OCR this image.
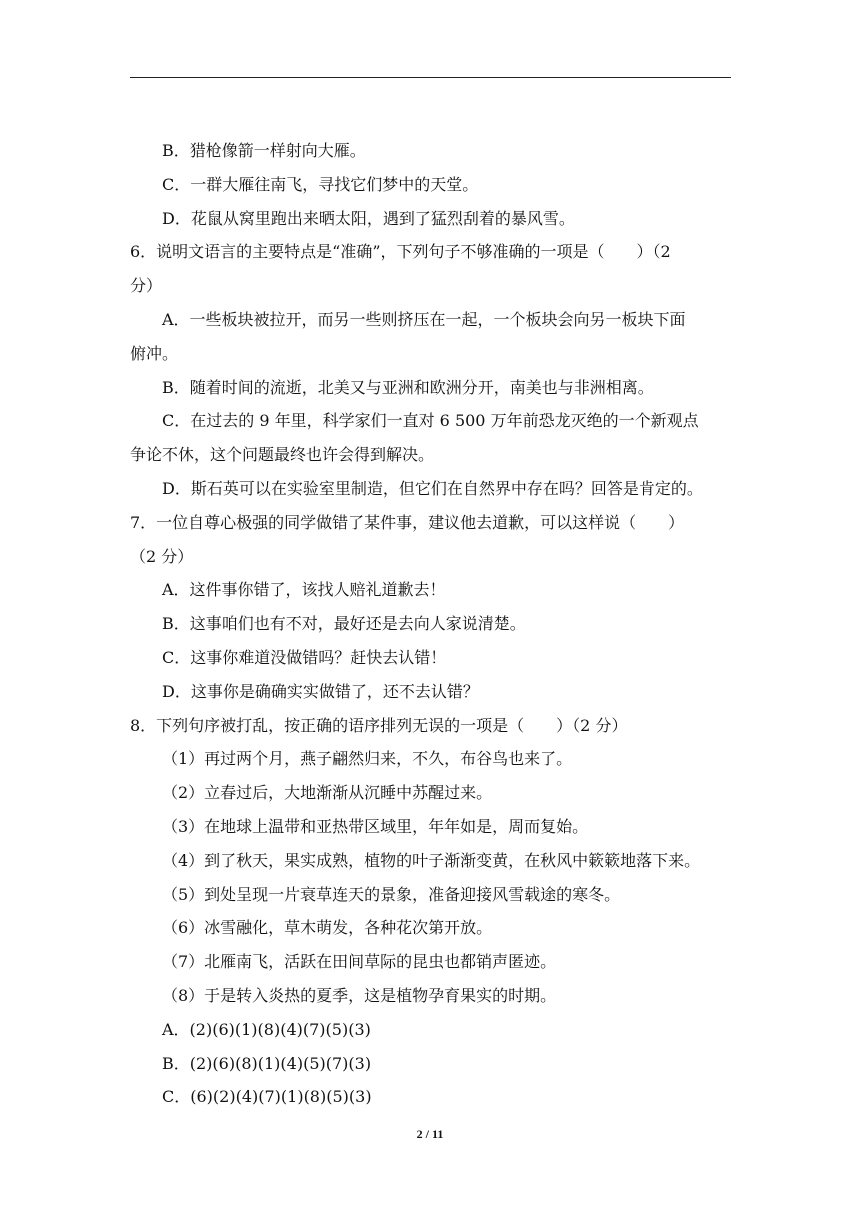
B．猎枪像箭一样射向大雁。
C．一群大雁往南飞，寻找它们梦中的天堂。
D．花鼠从窝里跑出来晒太阳，遇到了猛烈刮着的暴风雪。
6．说明文语言的主要特点是“准确”，下列句子不够准确的一项是（　　）（2
分）
A．一些板块被拉开，而另一些则挤压在一起，一个板块会向另一板块下面
俯冲。
B．随着时间的流逝，北美又与亚洲和欧洲分开，南美也与非洲相离。
C．在过去的 9 年里，科学家们一直对 6 500 万年前恐龙灭绝的一个新观点
争论不休，这个问题最终也许会得到解决。
D．斯石英可以在实验室里制造，但它们在自然界中存在吗？回答是肯定的。
7．一位自尊心极强的同学做错了某件事，建议他去道歉，可以这样说（　　）
（2 分）
A．这件事你错了，该找人赔礼道歉去！
B．这事咱们也有不对，最好还是去向人家说清楚。
C．这事你难道没做错吗？赶快去认错！
D．这事你是确确实实做错了，还不去认错？
8．下列句序被打乱，按正确的语序排列无误的一项是（　　）（2 分）
（1）再过两个月，燕子翩然归来，不久，布谷鸟也来了。
（2）立春过后，大地渐渐从沉睡中苏醒过来。
（3）在地球上温带和亚热带区域里，年年如是，周而复始。
（4）到了秋天，果实成熟，植物的叶子渐渐变黄，在秋风中簌簌地落下来。
（5）到处呈现一片衰草连天的景象，准备迎接风雪载途的寒冬。
（6）冰雪融化，草木萌发，各种花次第开放。
（7）北雁南飞，活跃在田间草际的昆虫也都销声匿迹。
（8）于是转入炎热的夏季，这是植物孕育果实的时期。
A．(2)(6)(1)(8)(4)(7)(5)(3)
B．(2)(6)(8)(1)(4)(5)(7)(3)
C．(6)(2)(4)(7)(1)(8)(5)(3)
2 / 11
